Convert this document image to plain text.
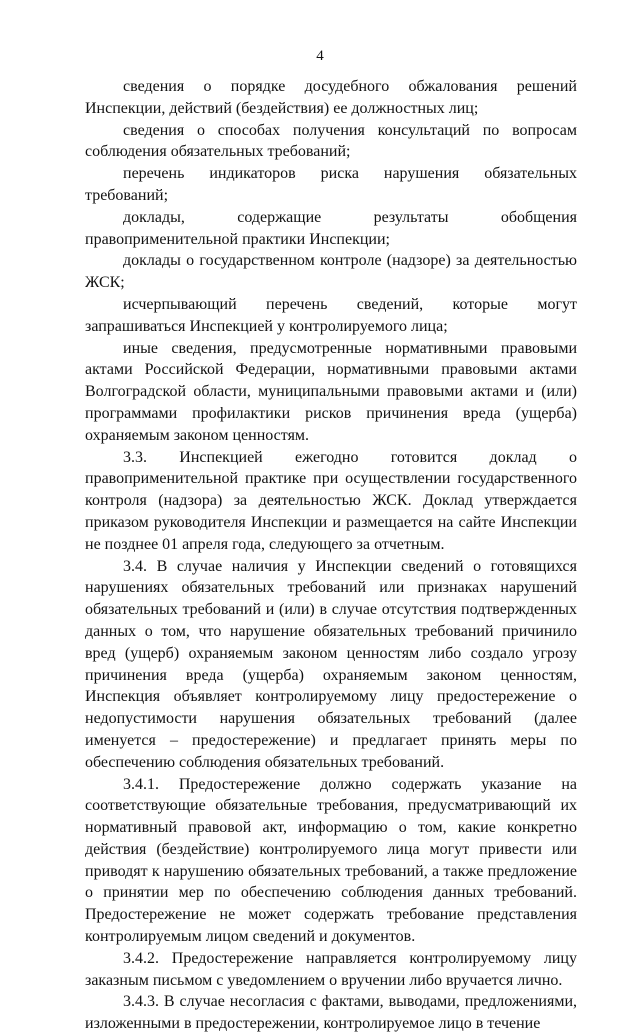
4

сведения о порядке досудебного обжалования решений Инспекции, действий (бездействия) ее должностных лиц;

сведения о способах получения консультаций по вопросам соблюдения обязательных требований;

перечень индикаторов риска нарушения обязательных требований;

доклады, содержащие результаты обобщения правоприменительной практики Инспекции;

доклады о государственном контроле (надзоре) за деятельностью ЖСК;

исчерпывающий перечень сведений, которые могут запрашиваться Инспекцией у контролируемого лица;

иные сведения, предусмотренные нормативными правовыми актами Российской Федерации, нормативными правовыми актами Волгоградской области, муниципальными правовыми актами и (или) программами профилактики рисков причинения вреда (ущерба) охраняемым законом ценностям.

3.3. Инспекцией ежегодно готовится доклад о правоприменительной практике при осуществлении государственного контроля (надзора) за деятельностью ЖСК. Доклад утверждается приказом руководителя Инспекции и размещается на сайте Инспекции не позднее 01 апреля года, следующего за отчетным.

3.4. В случае наличия у Инспекции сведений о готовящихся нарушениях обязательных требований или признаках нарушений обязательных требований и (или) в случае отсутствия подтвержденных данных о том, что нарушение обязательных требований причинило вред (ущерб) охраняемым законом ценностям либо создало угрозу причинения вреда (ущерба) охраняемым законом ценностям, Инспекция объявляет контролируемому лицу предостережение о недопустимости нарушения обязательных требований (далее именуется – предостережение) и предлагает принять меры по обеспечению соблюдения обязательных требований.

3.4.1. Предостережение должно содержать указание на соответствующие обязательные требования, предусматривающий их нормативный правовой акт, информацию о том, какие конкретно действия (бездействие) контролируемого лица могут привести или приводят к нарушению обязательных требований, а также предложение о принятии мер по обеспечению соблюдения данных требований. Предостережение не может содержать требование представления контролируемым лицом сведений и документов.

3.4.2. Предостережение направляется контролируемому лицу заказным письмом с уведомлением о вручении либо вручается лично.

3.4.3. В случае несогласия с фактами, выводами, предложениями, изложенными в предостережении, контролируемое лицо в течение
